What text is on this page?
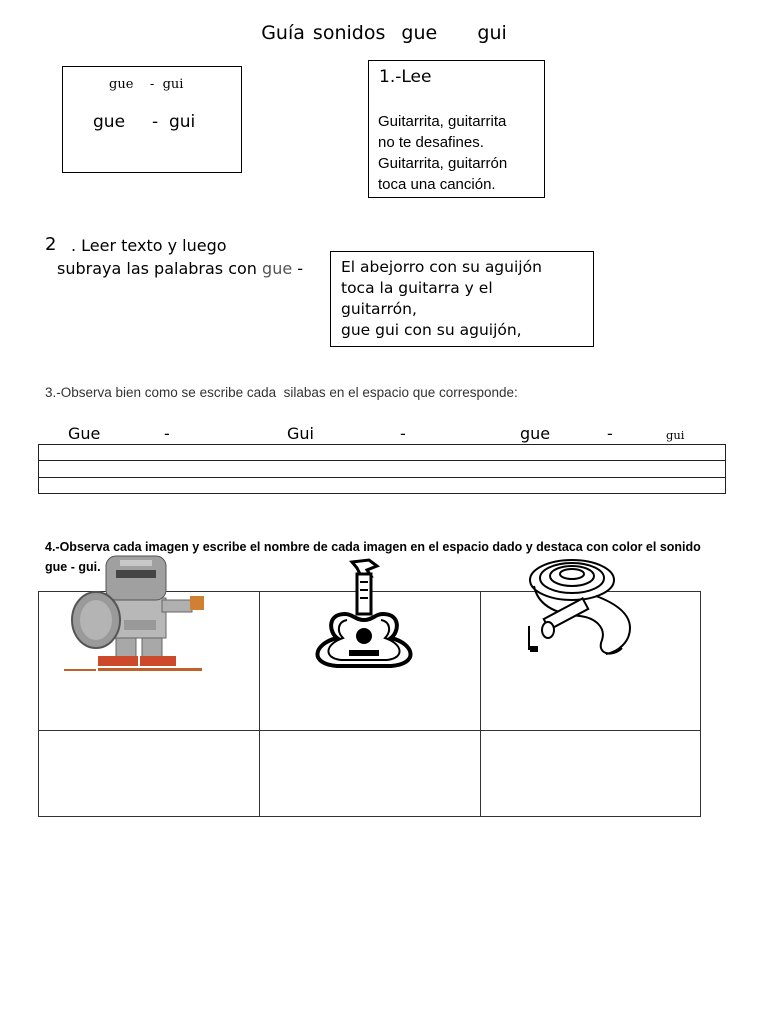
Guía sonidos  gue     gui
gue    -  gui
gue     -  gui
1.-Lee
Guitarrita, guitarrita
no te desafines.
Guitarrita, guitarrón
toca una canción.
2 . Leer texto y luego
subraya las palabras con gue - El abejorro con su aguijón
toca la guitarra y el
guitarrón,
gue gui con su aguijón,
3.-Observa bien como se escribe cada  silabas en el espacio que corresponde:
Gue	-	Gui	-	gue	-	gui
4.-Observa cada imagen y escribe el nombre de cada imagen en el espacio dado y destaca con color el sonido
gue - gui.
